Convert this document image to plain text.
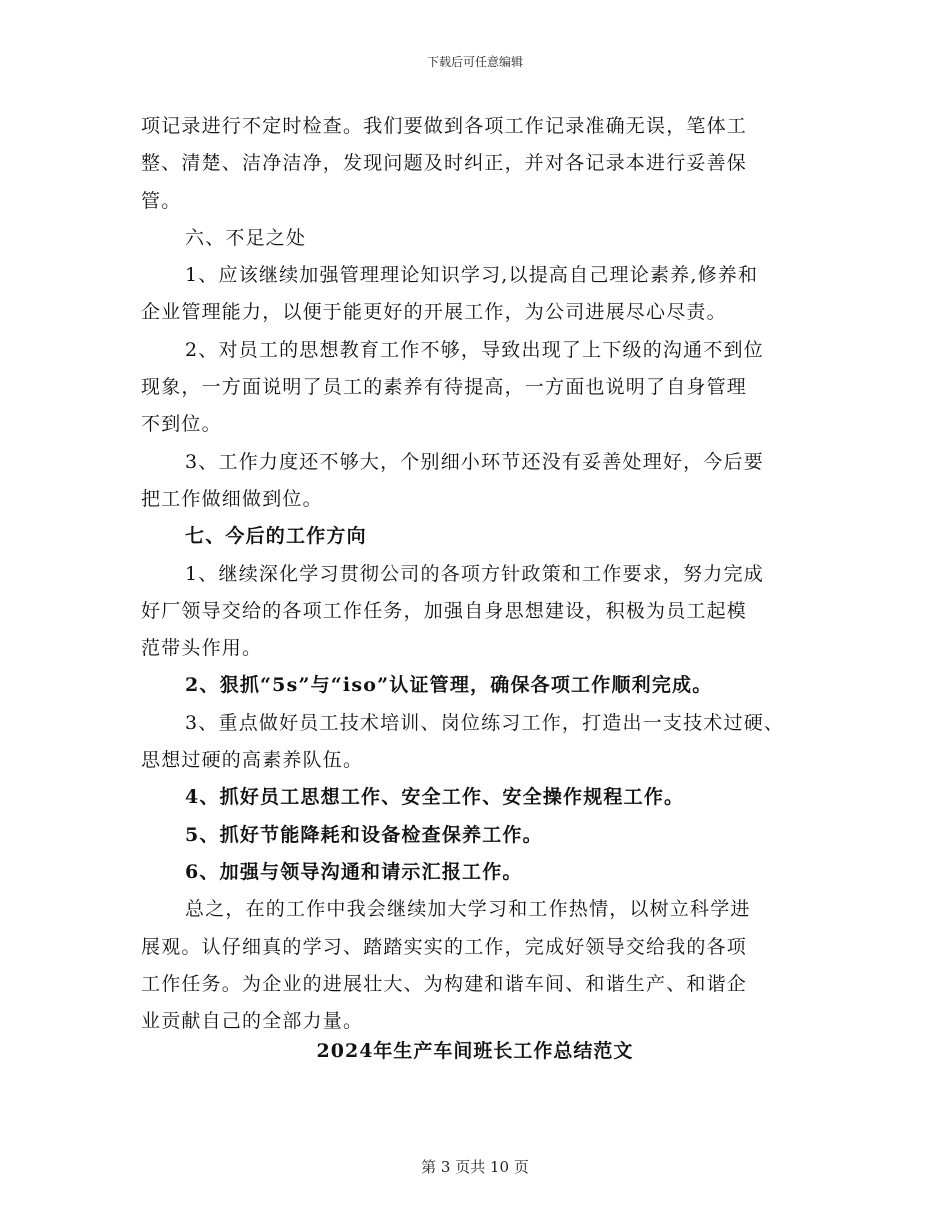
下载后可任意编辑
项记录进行不定时检查。我们要做到各项工作记录准确无误，笔体工
整、清楚、洁净洁净，发现问题及时纠正，并对各记录本进行妥善保
管。
六、不足之处
1、应该继续加强管理理论知识学习,以提高自己理论素养,修养和
企业管理能力，以便于能更好的开展工作，为公司进展尽心尽责。
2、对员工的思想教育工作不够，导致出现了上下级的沟通不到位
现象，一方面说明了员工的素养有待提高，一方面也说明了自身管理
不到位。
3、工作力度还不够大，个别细小环节还没有妥善处理好，今后要
把工作做细做到位。
七、今后的工作方向
1、继续深化学习贯彻公司的各项方针政策和工作要求，努力完成
好厂领导交给的各项工作任务，加强自身思想建设，积极为员工起模
范带头作用。
2、狠抓“5s”与“iso”认证管理，确保各项工作顺利完成。
3、重点做好员工技术培训、岗位练习工作，打造出一支技术过硬、
思想过硬的高素养队伍。
4、抓好员工思想工作、安全工作、安全操作规程工作。
5、抓好节能降耗和设备检查保养工作。
6、加强与领导沟通和请示汇报工作。
总之，在的工作中我会继续加大学习和工作热情，以树立科学进
展观。认仔细真的学习、踏踏实实的工作，完成好领导交给我的各项
工作任务。为企业的进展壮大、为构建和谐车间、和谐生产、和谐企
业贡献自己的全部力量。
2024年生产车间班长工作总结范文
第 3 页共 10 页
